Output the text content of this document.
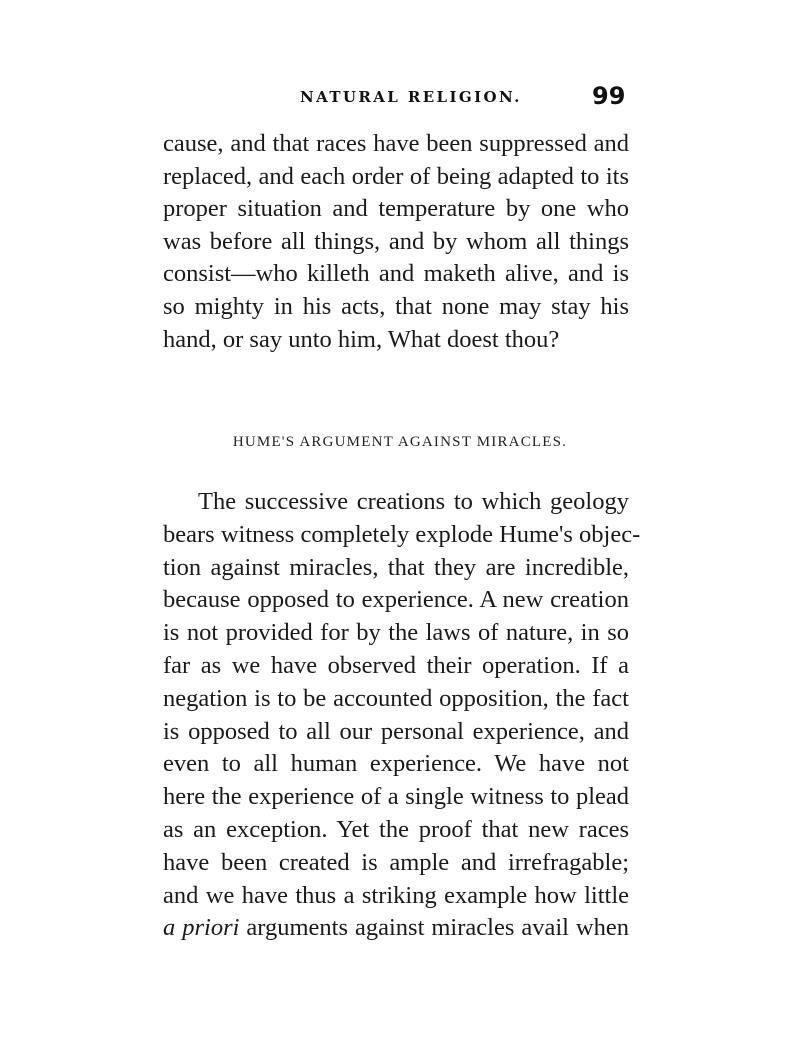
NATURAL RELIGION.	99
cause, and that races have been suppressed and
replaced, and each order of being adapted to its
proper situation and temperature by one who
was before all things, and by whom all things
consist—who killeth and maketh alive, and is
so mighty in his acts, that none may stay his
hand, or say unto him, What doest thou?
HUME'S ARGUMENT AGAINST MIRACLES.
The successive creations to which geology
bears witness completely explode Hume's objec-
tion against miracles, that they are incredible,
because opposed to experience. A new creation
is not provided for by the laws of nature, in so
far as we have observed their operation. If a
negation is to be accounted opposition, the fact
is opposed to all our personal experience, and
even to all human experience. We have not
here the experience of a single witness to plead
as an exception. Yet the proof that new races
have been created is ample and irrefragable;
and we have thus a striking example how little
a priori arguments against miracles avail when
